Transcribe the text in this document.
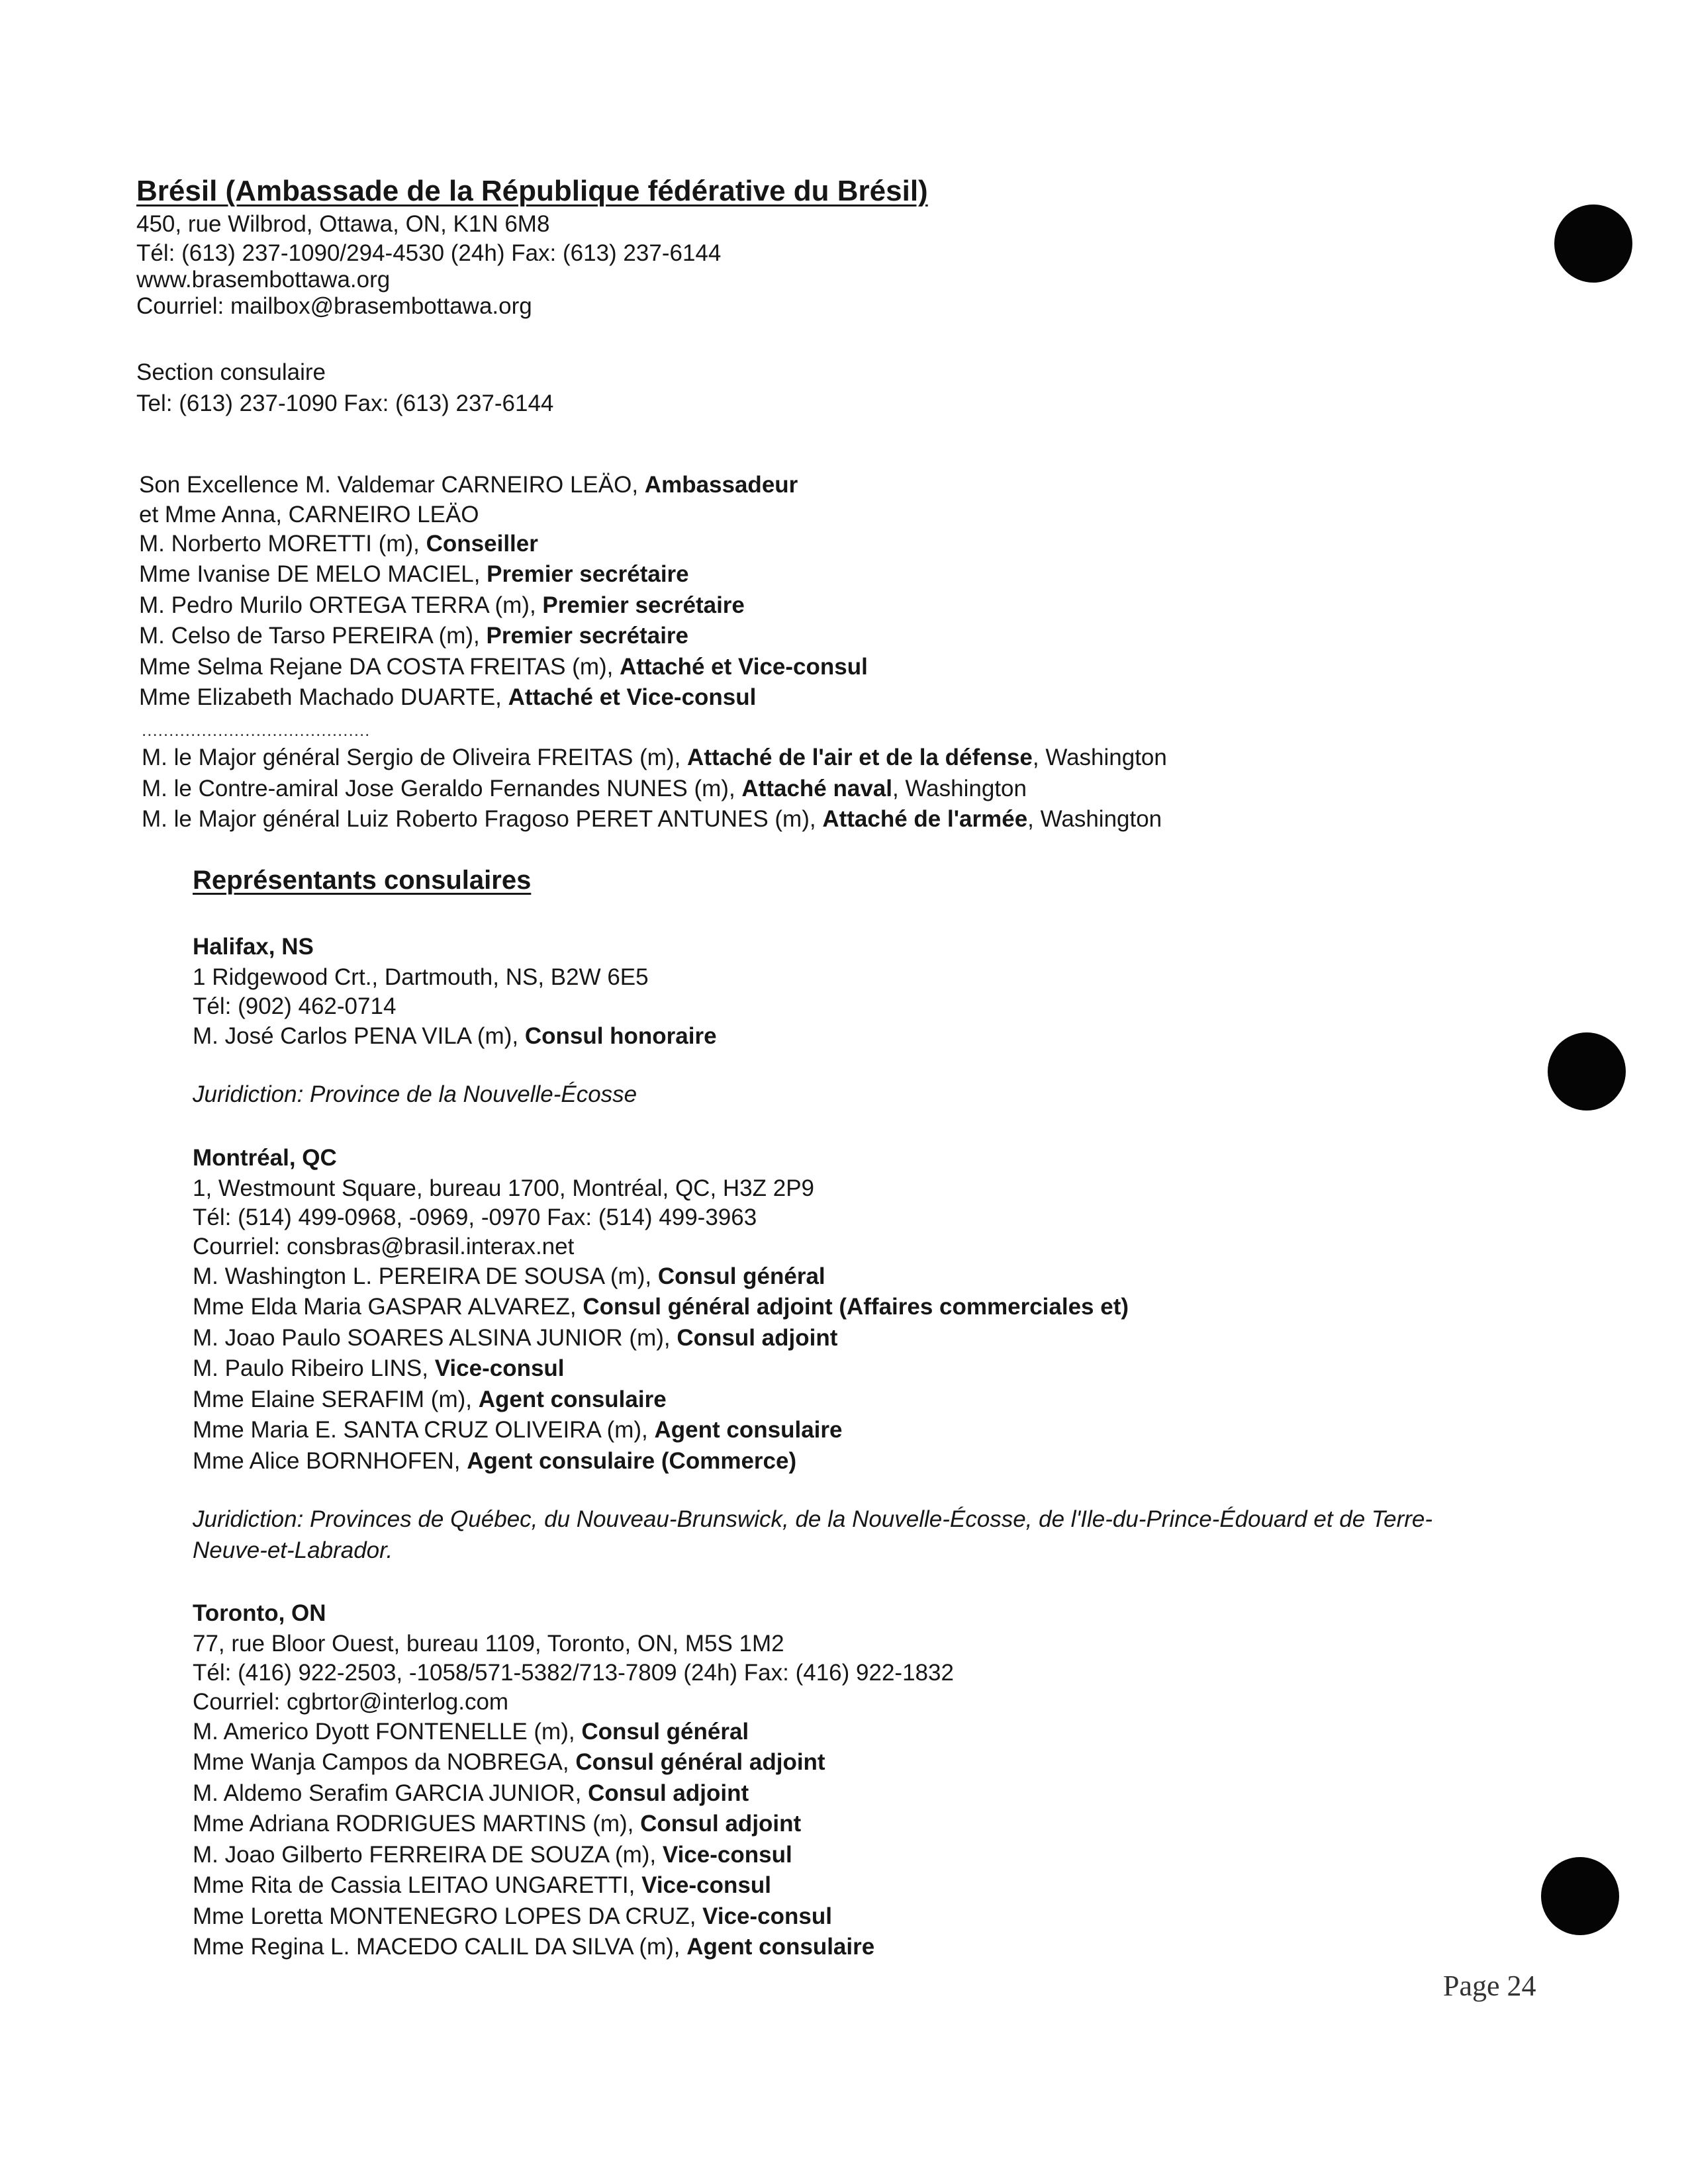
Brésil (Ambassade de la République fédérative du Brésil)
450, rue Wilbrod, Ottawa, ON, K1N 6M8
Tél: (613) 237-1090/294-4530 (24h) Fax: (613) 237-6144
www.brasembottawa.org
Courriel: mailbox@brasembottawa.org
Section consulaire
Tel: (613) 237-1090 Fax: (613) 237-6144
Son Excellence M. Valdemar CARNEIRO LEÄO, Ambassadeur
et Mme Anna, CARNEIRO LEÄO
M. Norberto MORETTI (m), Conseiller
Mme Ivanise DE MELO MACIEL, Premier secrétaire
M. Pedro Murilo ORTEGA TERRA (m), Premier secrétaire
M. Celso de Tarso PEREIRA (m), Premier secrétaire
Mme Selma Rejane DA COSTA FREITAS (m), Attaché et Vice-consul
Mme Elizabeth Machado DUARTE, Attaché et Vice-consul
..........................................
M. le Major général Sergio de Oliveira FREITAS (m), Attaché de l'air et de la défense, Washington
M. le Contre-amiral Jose Geraldo Fernandes NUNES (m), Attaché naval, Washington
M. le Major général Luiz Roberto Fragoso PERET ANTUNES (m), Attaché de l'armée, Washington
Représentants consulaires
Halifax, NS
1 Ridgewood Crt., Dartmouth, NS, B2W 6E5
Tél: (902) 462-0714
M. José Carlos PENA VILA (m), Consul honoraire
Juridiction: Province de la Nouvelle-Écosse
Montréal, QC
1, Westmount Square, bureau 1700, Montréal, QC, H3Z 2P9
Tél: (514) 499-0968, -0969, -0970 Fax: (514) 499-3963
Courriel: consbras@brasil.interax.net
M. Washington L. PEREIRA DE SOUSA (m), Consul général
Mme Elda Maria GASPAR ALVAREZ, Consul général adjoint (Affaires commerciales et)
M. Joao Paulo SOARES ALSINA JUNIOR (m), Consul adjoint
M. Paulo Ribeiro LINS, Vice-consul
Mme Elaine SERAFIM (m), Agent consulaire
Mme Maria E. SANTA CRUZ OLIVEIRA (m), Agent consulaire
Mme Alice BORNHOFEN, Agent consulaire (Commerce)
Juridiction: Provinces de Québec, du Nouveau-Brunswick, de la Nouvelle-Écosse, de l'Ile-du-Prince-Édouard et de Terre-
Neuve-et-Labrador.
Toronto, ON
77, rue Bloor Ouest, bureau 1109, Toronto, ON, M5S 1M2
Tél: (416) 922-2503, -1058/571-5382/713-7809 (24h) Fax: (416) 922-1832
Courriel: cgbrtor@interlog.com
M. Americo Dyott FONTENELLE (m), Consul général
Mme Wanja Campos da NOBREGA, Consul général adjoint
M. Aldemo Serafim GARCIA JUNIOR, Consul adjoint
Mme Adriana RODRIGUES MARTINS (m), Consul adjoint
M. Joao Gilberto FERREIRA DE SOUZA (m), Vice-consul
Mme Rita de Cassia LEITAO UNGARETTI, Vice-consul
Mme Loretta MONTENEGRO LOPES DA CRUZ, Vice-consul
Mme Regina L. MACEDO CALIL DA SILVA (m), Agent consulaire
Page 24
